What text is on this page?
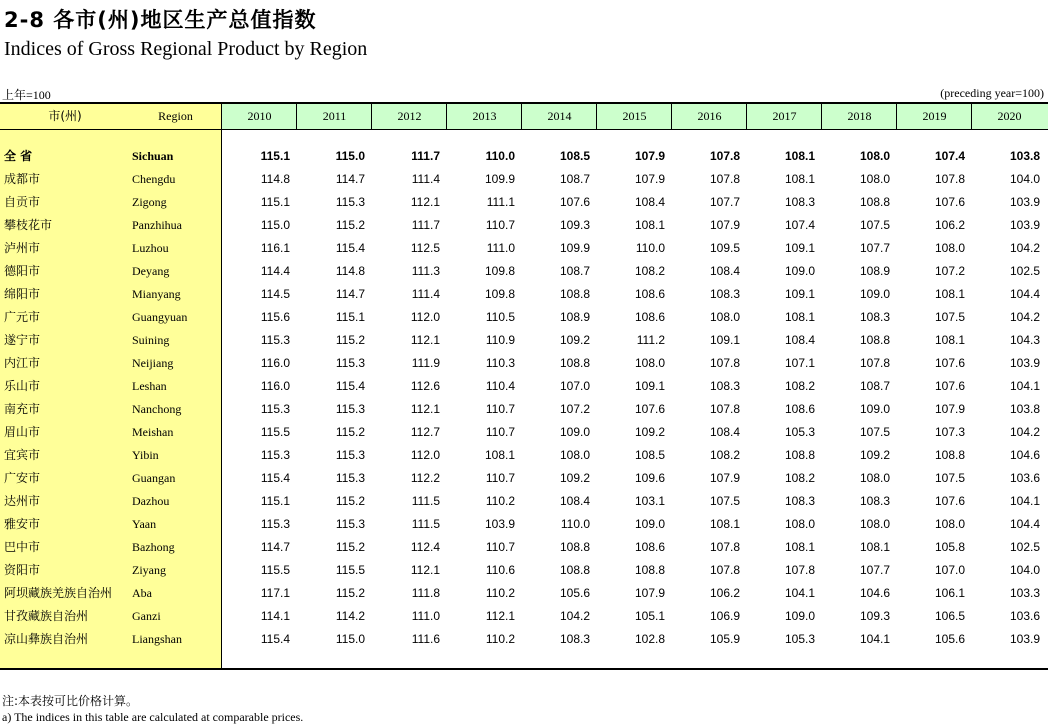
2-8 各市(州)地区生产总值指数
Indices of Gross Regional Product by Region
上年=100	(preceding year=100)
市(州)	Region	2010	2011	2012	2013	2014	2015	2016	2017	2018	2019	2020
全 省	Sichuan	115.1	115.0	111.7	110.0	108.5	107.9	107.8	108.1	108.0	107.4	103.8
成都市	Chengdu	114.8	114.7	111.4	109.9	108.7	107.9	107.8	108.1	108.0	107.8	104.0
自贡市	Zigong	115.1	115.3	112.1	111.1	107.6	108.4	107.7	108.3	108.8	107.6	103.9
攀枝花市	Panzhihua	115.0	115.2	111.7	110.7	109.3	108.1	107.9	107.4	107.5	106.2	103.9
泸州市	Luzhou	116.1	115.4	112.5	111.0	109.9	110.0	109.5	109.1	107.7	108.0	104.2
德阳市	Deyang	114.4	114.8	111.3	109.8	108.7	108.2	108.4	109.0	108.9	107.2	102.5
绵阳市	Mianyang	114.5	114.7	111.4	109.8	108.8	108.6	108.3	109.1	109.0	108.1	104.4
广元市	Guangyuan	115.6	115.1	112.0	110.5	108.9	108.6	108.0	108.1	108.3	107.5	104.2
遂宁市	Suining	115.3	115.2	112.1	110.9	109.2	111.2	109.1	108.4	108.8	108.1	104.3
内江市	Neijiang	116.0	115.3	111.9	110.3	108.8	108.0	107.8	107.1	107.8	107.6	103.9
乐山市	Leshan	116.0	115.4	112.6	110.4	107.0	109.1	108.3	108.2	108.7	107.6	104.1
南充市	Nanchong	115.3	115.3	112.1	110.7	107.2	107.6	107.8	108.6	109.0	107.9	103.8
眉山市	Meishan	115.5	115.2	112.7	110.7	109.0	109.2	108.4	105.3	107.5	107.3	104.2
宜宾市	Yibin	115.3	115.3	112.0	108.1	108.0	108.5	108.2	108.8	109.2	108.8	104.6
广安市	Guangan	115.4	115.3	112.2	110.7	109.2	109.6	107.9	108.2	108.0	107.5	103.6
达州市	Dazhou	115.1	115.2	111.5	110.2	108.4	103.1	107.5	108.3	108.3	107.6	104.1
雅安市	Yaan	115.3	115.3	111.5	103.9	110.0	109.0	108.1	108.0	108.0	108.0	104.4
巴中市	Bazhong	114.7	115.2	112.4	110.7	108.8	108.6	107.8	108.1	108.1	105.8	102.5
资阳市	Ziyang	115.5	115.5	112.1	110.6	108.8	108.8	107.8	107.8	107.7	107.0	104.0
阿坝藏族羌族自治州 Aba	117.1	115.2	111.8	110.2	105.6	107.9	106.2	104.1	104.6	106.1	103.3
甘孜藏族自治州	Ganzi	114.1	114.2	111.0	112.1	104.2	105.1	106.9	109.0	109.3	106.5	103.6
凉山彝族自治州	Liangshan	115.4	115.0	111.6	110.2	108.3	102.8	105.9	105.3	104.1	105.6	103.9
注:本表按可比价格计算。
a) The indices in this table are calculated at comparable prices.
